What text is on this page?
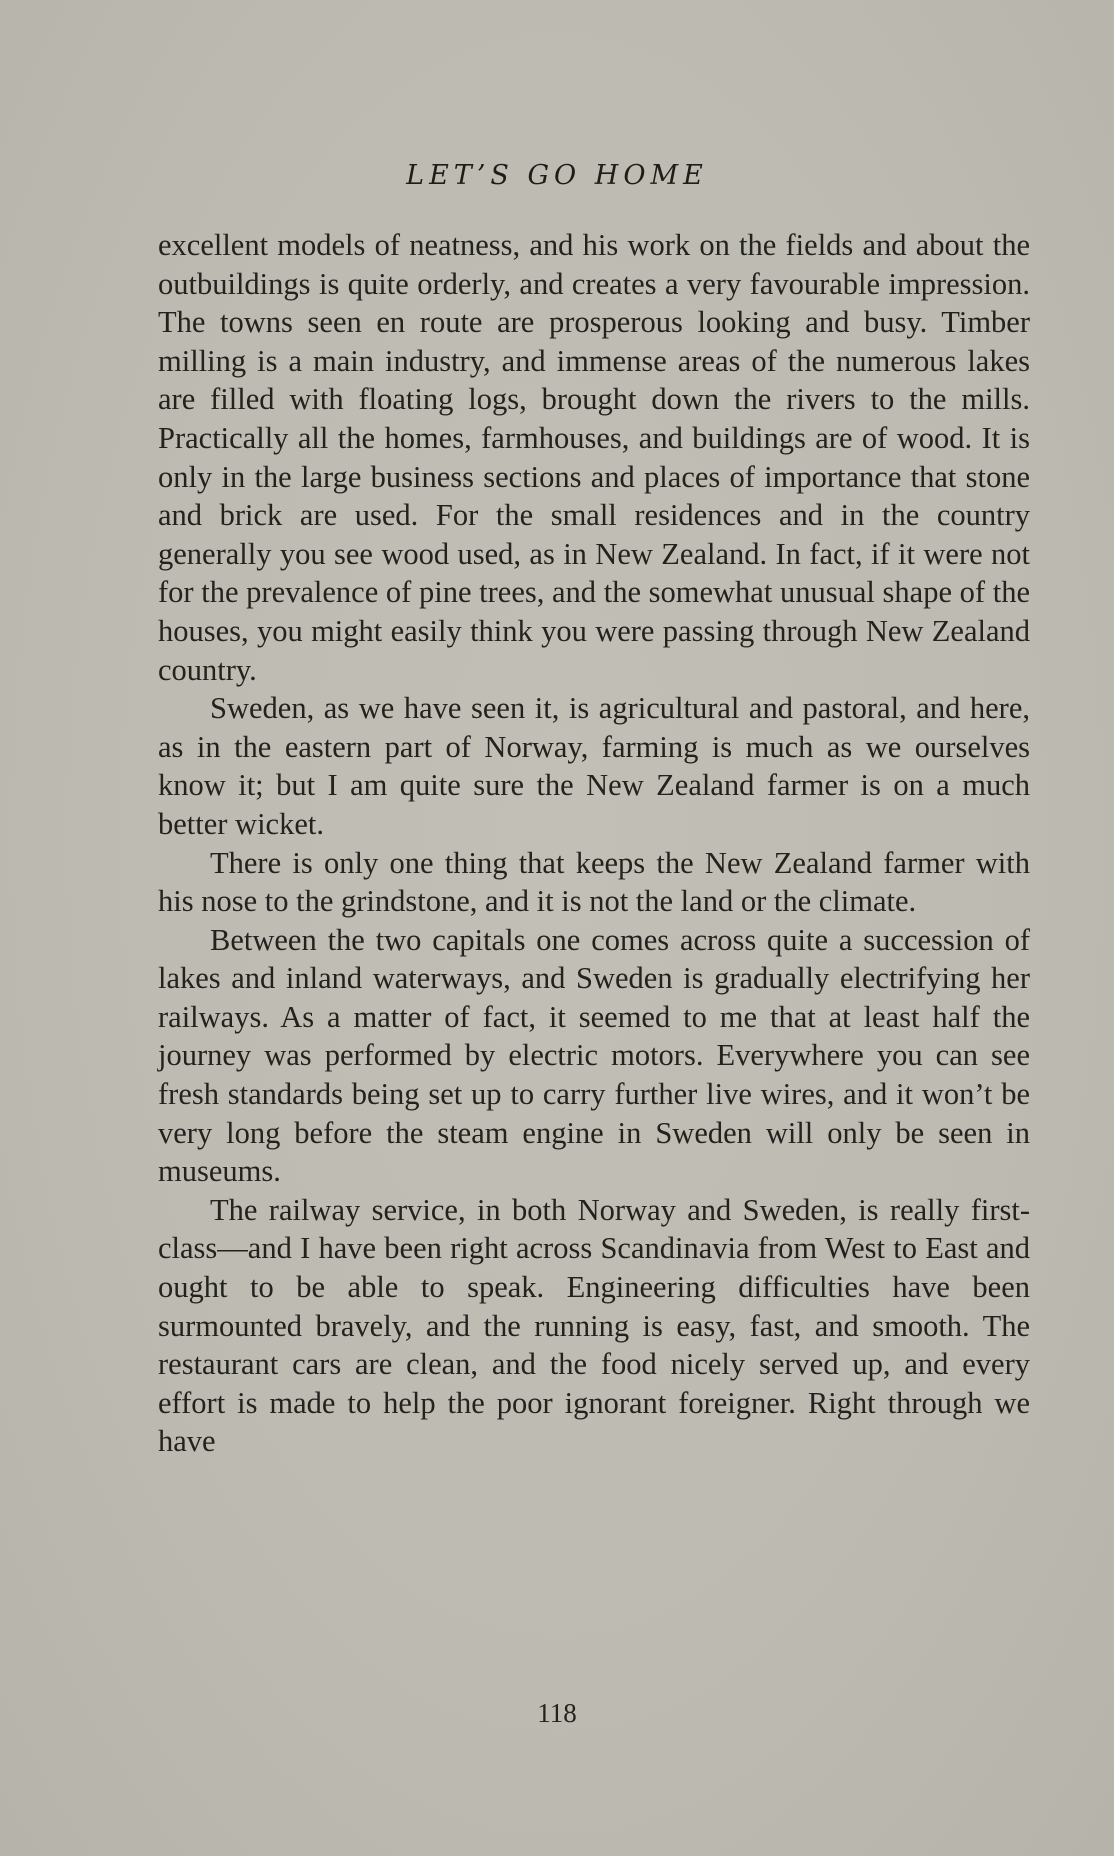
LET’S GO HOME

excellent models of neatness, and his work on the fields and about the outbuildings is quite orderly, and creates a very favourable impression. The towns seen en route are prosperous looking and busy. Timber milling is a main industry, and immense areas of the numerous lakes are filled with floating logs, brought down the rivers to the mills. Practically all the homes, farmhouses, and buildings are of wood. It is only in the large business sections and places of importance that stone and brick are used. For the small residences and in the country generally you see wood used, as in New Zealand. In fact, if it were not for the prevalence of pine trees, and the somewhat unusual shape of the houses, you might easily think you were passing through New Zealand country.

Sweden, as we have seen it, is agricultural and pastoral, and here, as in the eastern part of Norway, farming is much as we ourselves know it; but I am quite sure the New Zealand farmer is on a much better wicket.

There is only one thing that keeps the New Zealand farmer with his nose to the grindstone, and it is not the land or the climate.

Between the two capitals one comes across quite a succession of lakes and inland waterways, and Sweden is gradually electrifying her railways. As a matter of fact, it seemed to me that at least half the journey was performed by electric motors. Everywhere you can see fresh standards being set up to carry further live wires, and it won’t be very long before the steam engine in Sweden will only be seen in museums.

The railway service, in both Norway and Sweden, is really first-class—and I have been right across Scandinavia from West to East and ought to be able to speak. Engineering difficulties have been surmounted bravely, and the running is easy, fast, and smooth. The restaurant cars are clean, and the food nicely served up, and every effort is made to help the poor ignorant foreigner. Right through we have

118
